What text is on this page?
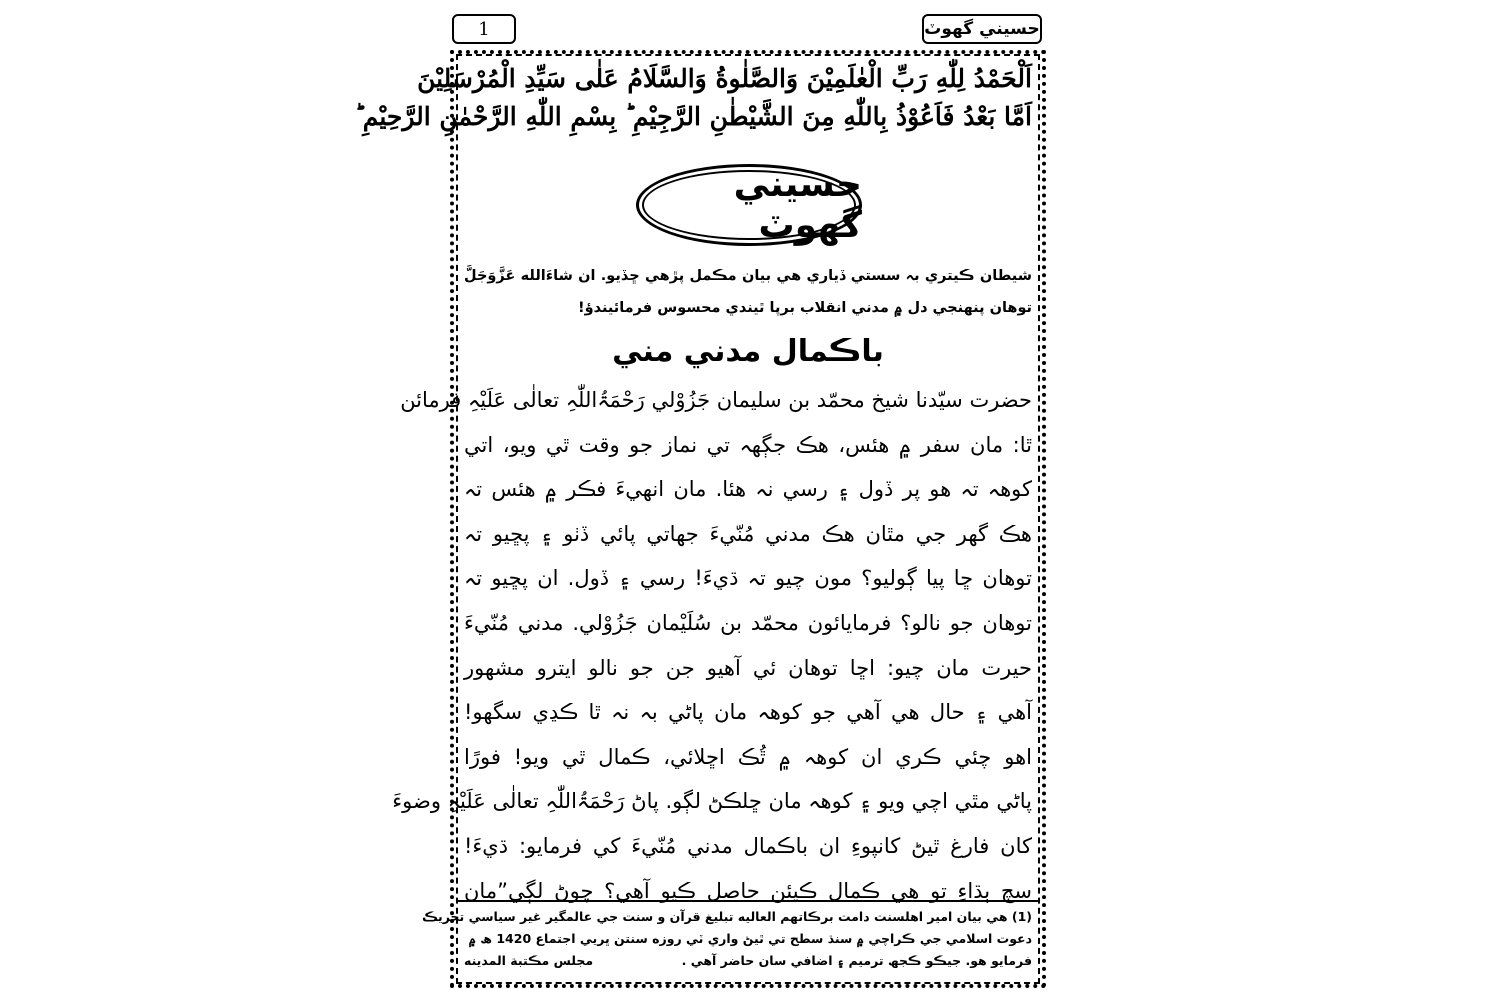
حسيني گهوٽ
1
اَلْحَمْدُ لِلّٰهِ رَبِّ الْعٰلَمِيْنَ وَالصَّلٰوةُ وَالسَّلَامُ عَلٰى سَيِّدِ الْمُرْسَلِيْنَ
اَمَّا بَعْدُ فَاَعُوْذُ بِاللّٰهِ مِنَ الشَّيْطٰنِ الرَّجِيْمِ ؕ بِسْمِ اللّٰهِ الرَّحْمٰنِ الرَّحِيْمِ ؕ
حسيني گهوٽ
شيطان ڪيتري بہ سستي ڏياري هي بيان مڪمل پڙهي ڇڏيو. ان شاءَالله عَزَّوَجَلَّ توهان پنهنجي دل ۾ مدني انقلاب برپا ٿيندي محسوس فرمائيندؤ!
باڪمال مدني مني

حضرت سيّدنا شيخ محمّد بن سليمان جَزُوْلي رَحْمَۃُاللّٰہِ تعالٰی عَلَیْہِ فرمائن

ٿا: مان سفر ۾ هئس، هڪ جڳهہ تي نماز جو وقت ٿي ويو، اتي

کوهہ تہ هو پر ڏول ۽ رسي نہ هئا. مان انهيءَ فڪر ۾ هئس تہ

هڪ گهر جي مٿان هڪ مدني مُنّيءَ جهاتي پائي ڏٺو ۽ پڇيو تہ

توهان ڇا پيا ڳوليو؟ مون چيو تہ ڌيءَ! رسي ۽ ڏول. ان پڇيو تہ

توهان جو نالو؟ فرمايائون محمّد بن سُلَيْمان جَزُوْلي. مدني مُنّيءَ

حيرت مان چيو: اڇا توهان ئي آهيو جن جو نالو ايترو مشهور

آهي ۽ حال هي آهي جو کوهہ مان پاڻي بہ نہ ٿا ڪڍي سگهو!

اهو چئي ڪري ان کوهہ ۾ ٿُڪ اڇلائي، ڪمال ٿي ويو! فورًا

پاڻي مٿي اچي ويو ۽ کوهہ مان ڇلڪڻ لڳو. پاڻ رَحْمَۃُاللّٰہِ تعالٰی عَلَیْہِ وضوءَ

کان فارغ ٿيڻ کانپوءِ ان باڪمال مدني مُنّيءَ کي فرمايو: ڌيءَ!

سچ ٻڌاءِ تو هي ڪمال ڪيئن حاصل ڪيو آهي؟ چوڻ لڳي”مان

(1) هي بيان امير اهلسنت دامت برڪاتهم العاليه تبليغ قرآن و سنت جي عالمگير غير سياسي تحريڪ

دعوت اسلامي جي ڪراچي ۾ سنڌ سطح تي ٿيڻ واري ٽي روزه سنتن ڀريي اجتماع 1420 ھ ۾

فرمايو هو. جيڪو ڪجھ ترميم ۽ اضافي سان حاضر آهي .
مجلس مڪتبة المدينه
